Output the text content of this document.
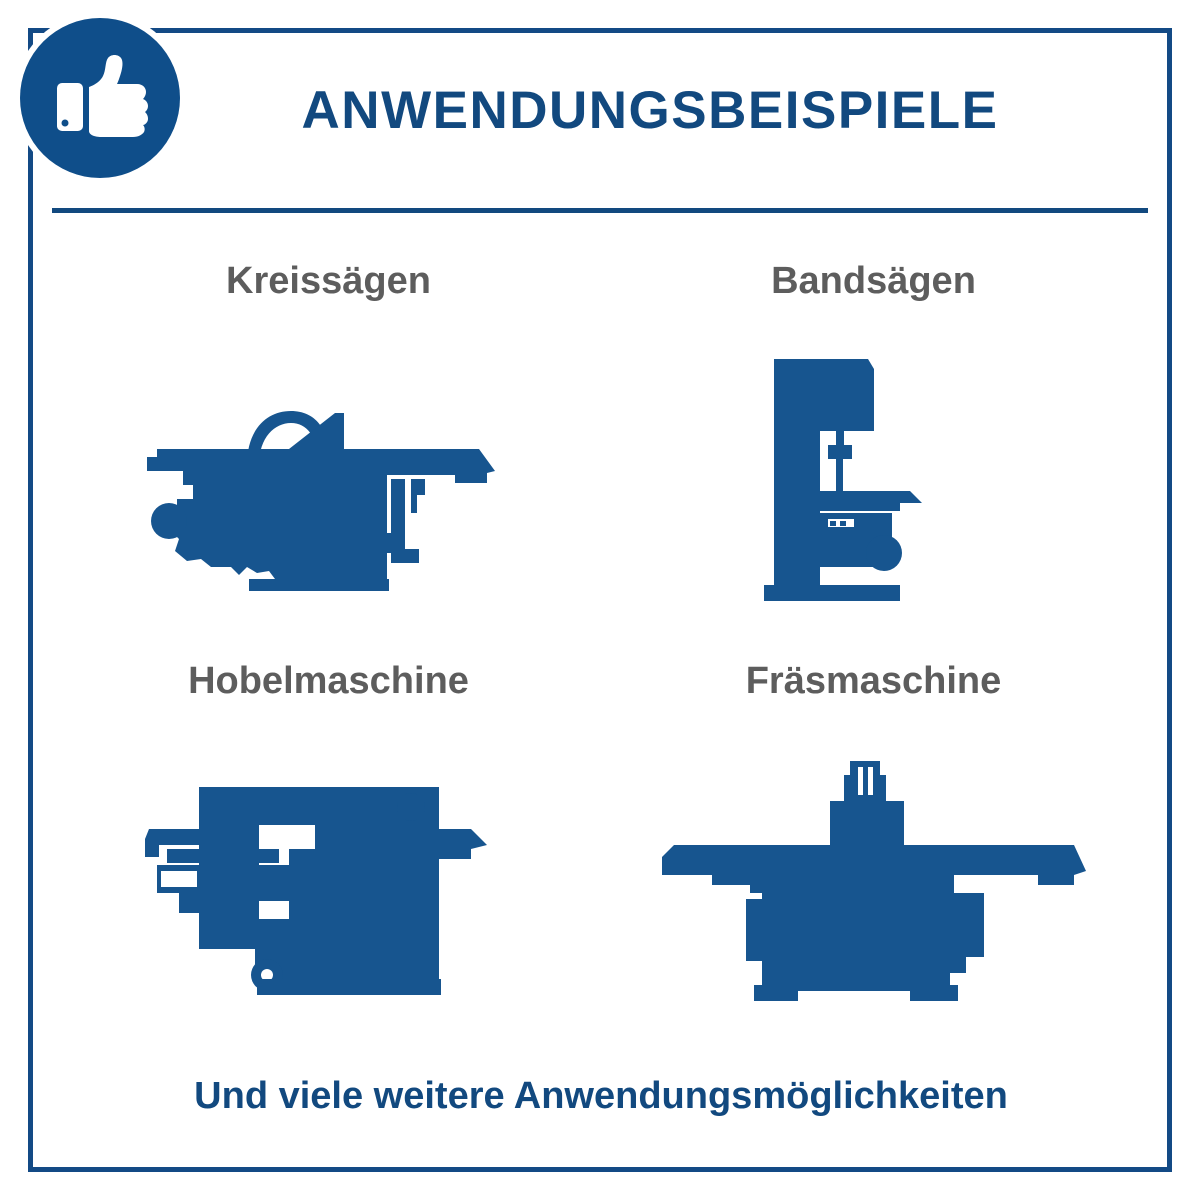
ANWENDUNGSBEISPIELE

Kreissägen	Bandsägen

Hobelmaschine	Fräsmaschine

Und viele weitere Anwendungsmöglichkeiten
